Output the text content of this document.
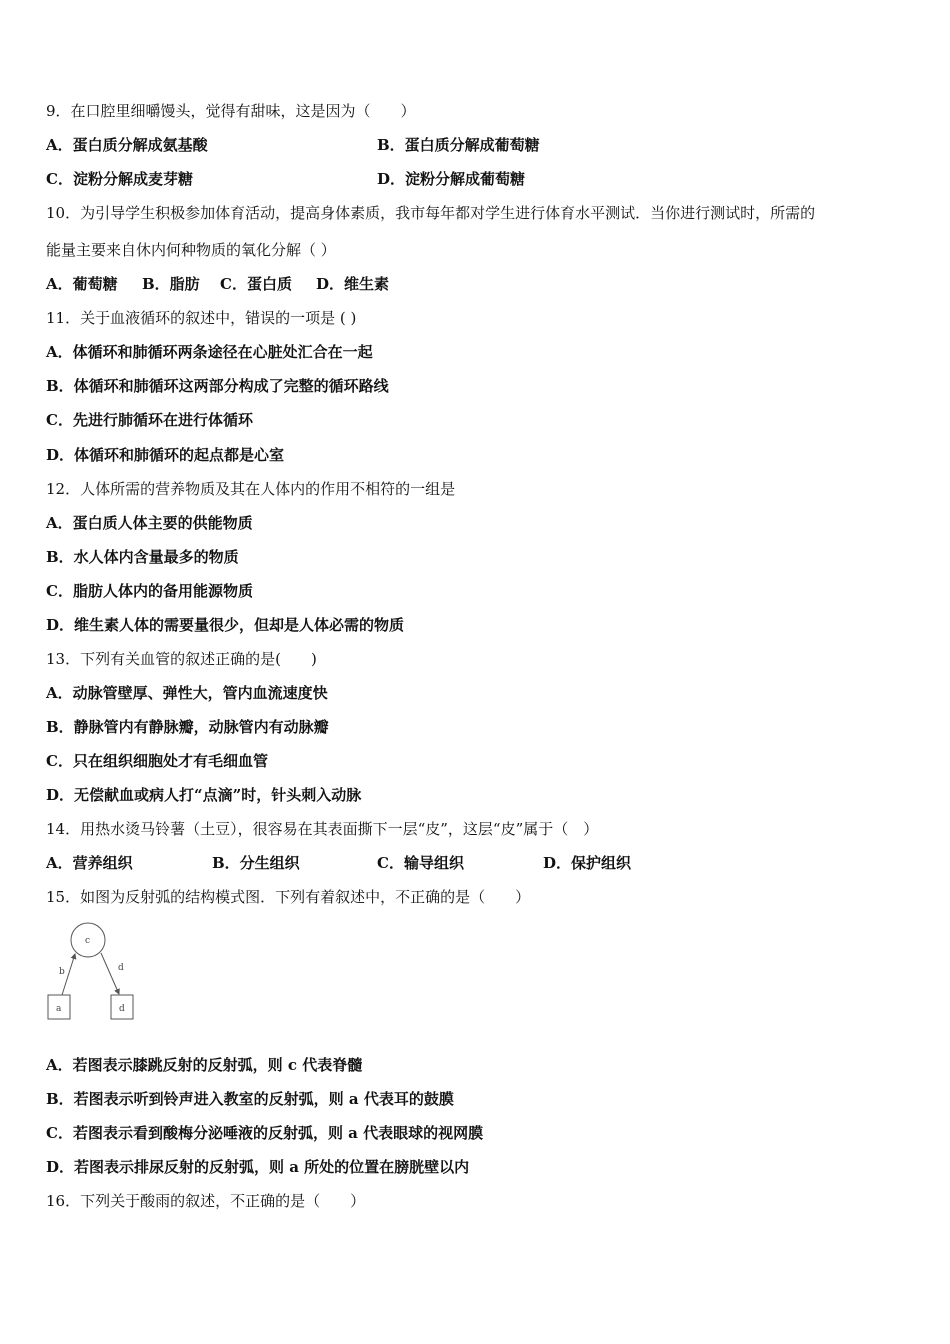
9．在口腔里细嚼馒头，觉得有甜味，这是因为（　　）
A．蛋白质分解成氨基酸	B．蛋白质分解成葡萄糖
C．淀粉分解成麦芽糖	D．淀粉分解成葡萄糖
10．为引导学生积极参加体育活动，提高身体素质，我市每年都对学生进行体育水平测试．当你进行测试时，所需的
能量主要来自休内何种物质的氧化分解（ ）
A．葡萄糖 B．脂肪 C．蛋白质 D．维生素
11．关于血液循环的叙述中，错误的一项是 ( )
A．体循环和肺循环两条途径在心脏处汇合在一起
B．体循环和肺循环这两部分构成了完整的循环路线
C．先进行肺循环在进行体循环
D．体循环和肺循环的起点都是心室
12．人体所需的营养物质及其在人体内的作用不相符的一组是
A．蛋白质人体主要的供能物质
B．水人体内含量最多的物质
C．脂肪人体内的备用能源物质
D．维生素人体的需要量很少，但却是人体必需的物质
13．下列有关血管的叙述正确的是(　　)
A．动脉管壁厚、弹性大，管内血流速度快
B．静脉管内有静脉瓣，动脉管内有动脉瓣
C．只在组织细胞处才有毛细血管
D．无偿献血或病人打“点滴”时，针头刺入动脉
14．用热水烫马铃薯（土豆），很容易在其表面撕下一层“皮”，这层“皮”属于（　）
A．营养组织	B．分生组织	C．输导组织	D．保护组织
15．如图为反射弧的结构模式图．下列有着叙述中，不正确的是（　　）
c
b	d
a	d
A．若图表示膝跳反射的反射弧，则 c 代表脊髓
B．若图表示听到铃声进入教室的反射弧，则 a 代表耳的鼓膜
C．若图表示看到酸梅分泌唾液的反射弧，则 a 代表眼球的视网膜
D．若图表示排尿反射的反射弧，则 a 所处的位置在膀胱壁以内
16．下列关于酸雨的叙述，不正确的是（　　）
